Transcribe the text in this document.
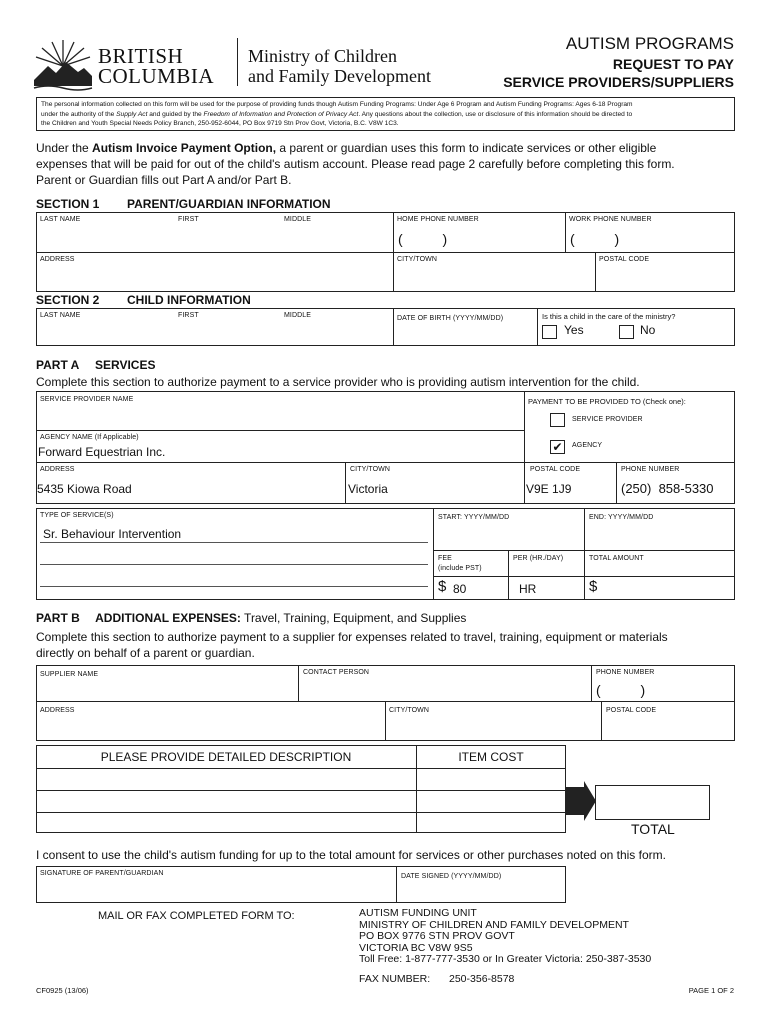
BRITISH
COLUMBIA
Ministry of Children
and Family Development
AUTISM PROGRAMS
REQUEST TO PAY
SERVICE PROVIDERS/SUPPLIERS
The personal information collected on this form will be used for the purpose of providing funds though Autism Funding Programs: Under Age 6 Program and Autism Funding Programs: Ages 6-18 Program
under the authority of the Supply Act and guided by the Freedom of Information and Protection of Privacy Act. Any questions about the collection, use or disclosure of this information should be directed to
the Children and Youth Special Needs Policy Branch, 250-952-6044, PO Box 9719 Stn Prov Govt, Victoria, B.C. V8W 1C3.
Under the Autism Invoice Payment Option, a parent or guardian uses this form to indicate services or other eligible
expenses that will be paid for out of the child's autism account. Please read page 2 carefully before completing this form.
Parent or Guardian fills out Part A and/or Part B.
SECTION 1 PARENT/GUARDIAN INFORMATION
LAST NAME	FIRST	MIDDLE	HOME PHONE NUMBER	WORK PHONE NUMBER
( )	( )
ADDRESS	CITY/TOWN	POSTAL CODE
SECTION 2 CHILD INFORMATION
LAST NAME	FIRST	MIDDLE	DATE OF BIRTH (YYYY/MM/DD)	Is this a child in the care of the ministry?
Yes	No
PART A SERVICES
Complete this section to authorize payment to a service provider who is providing autism intervention for the child.
SERVICE PROVIDER NAME	PAYMENT TO BE PROVIDED TO (Check one):
SERVICE PROVIDER
✔	AGENCY
AGENCY NAME (If Applicable)
Forward Equestrian Inc.
ADDRESS
5435 Kiowa Road
CITY/TOWN
Victoria
POSTAL CODE
V9E 1J9
PHONE NUMBER
(250)  858-5330
TYPE OF SERVICE(S)
Sr. Behaviour Intervention
START: YYYY/MM/DD	END: YYYY/MM/DD
FEE
(include PST)
PER (HR./DAY)	TOTAL AMOUNT
$ 80	HR	$
PART B ADDITIONAL EXPENSES: Travel, Training, Equipment, and Supplies
Complete this section to authorize payment to a supplier for expenses related to travel, training, equipment or materials
directly on behalf of a parent or guardian.
SUPPLIER NAME	CONTACT PERSON	PHONE NUMBER
( )
ADDRESS	CITY/TOWN	POSTAL CODE
PLEASE PROVIDE DETAILED DESCRIPTION	ITEM COST
TOTAL
I consent to use the child's autism funding for up to the total amount for services or other purchases noted on this form.
SIGNATURE OF PARENT/GUARDIAN	DATE SIGNED (YYYY/MM/DD)
MAIL OR FAX COMPLETED FORM TO:	AUTISM FUNDING UNIT
MINISTRY OF CHILDREN AND FAMILY DEVELOPMENT
PO BOX 9776 STN PROV GOVT
VICTORIA BC V8W 9S5
Toll Free: 1-877-777-3530 or In Greater Victoria: 250-387-3530
FAX NUMBER: 250-356-8578
CF0925 (13/06)	PAGE 1 OF 2
